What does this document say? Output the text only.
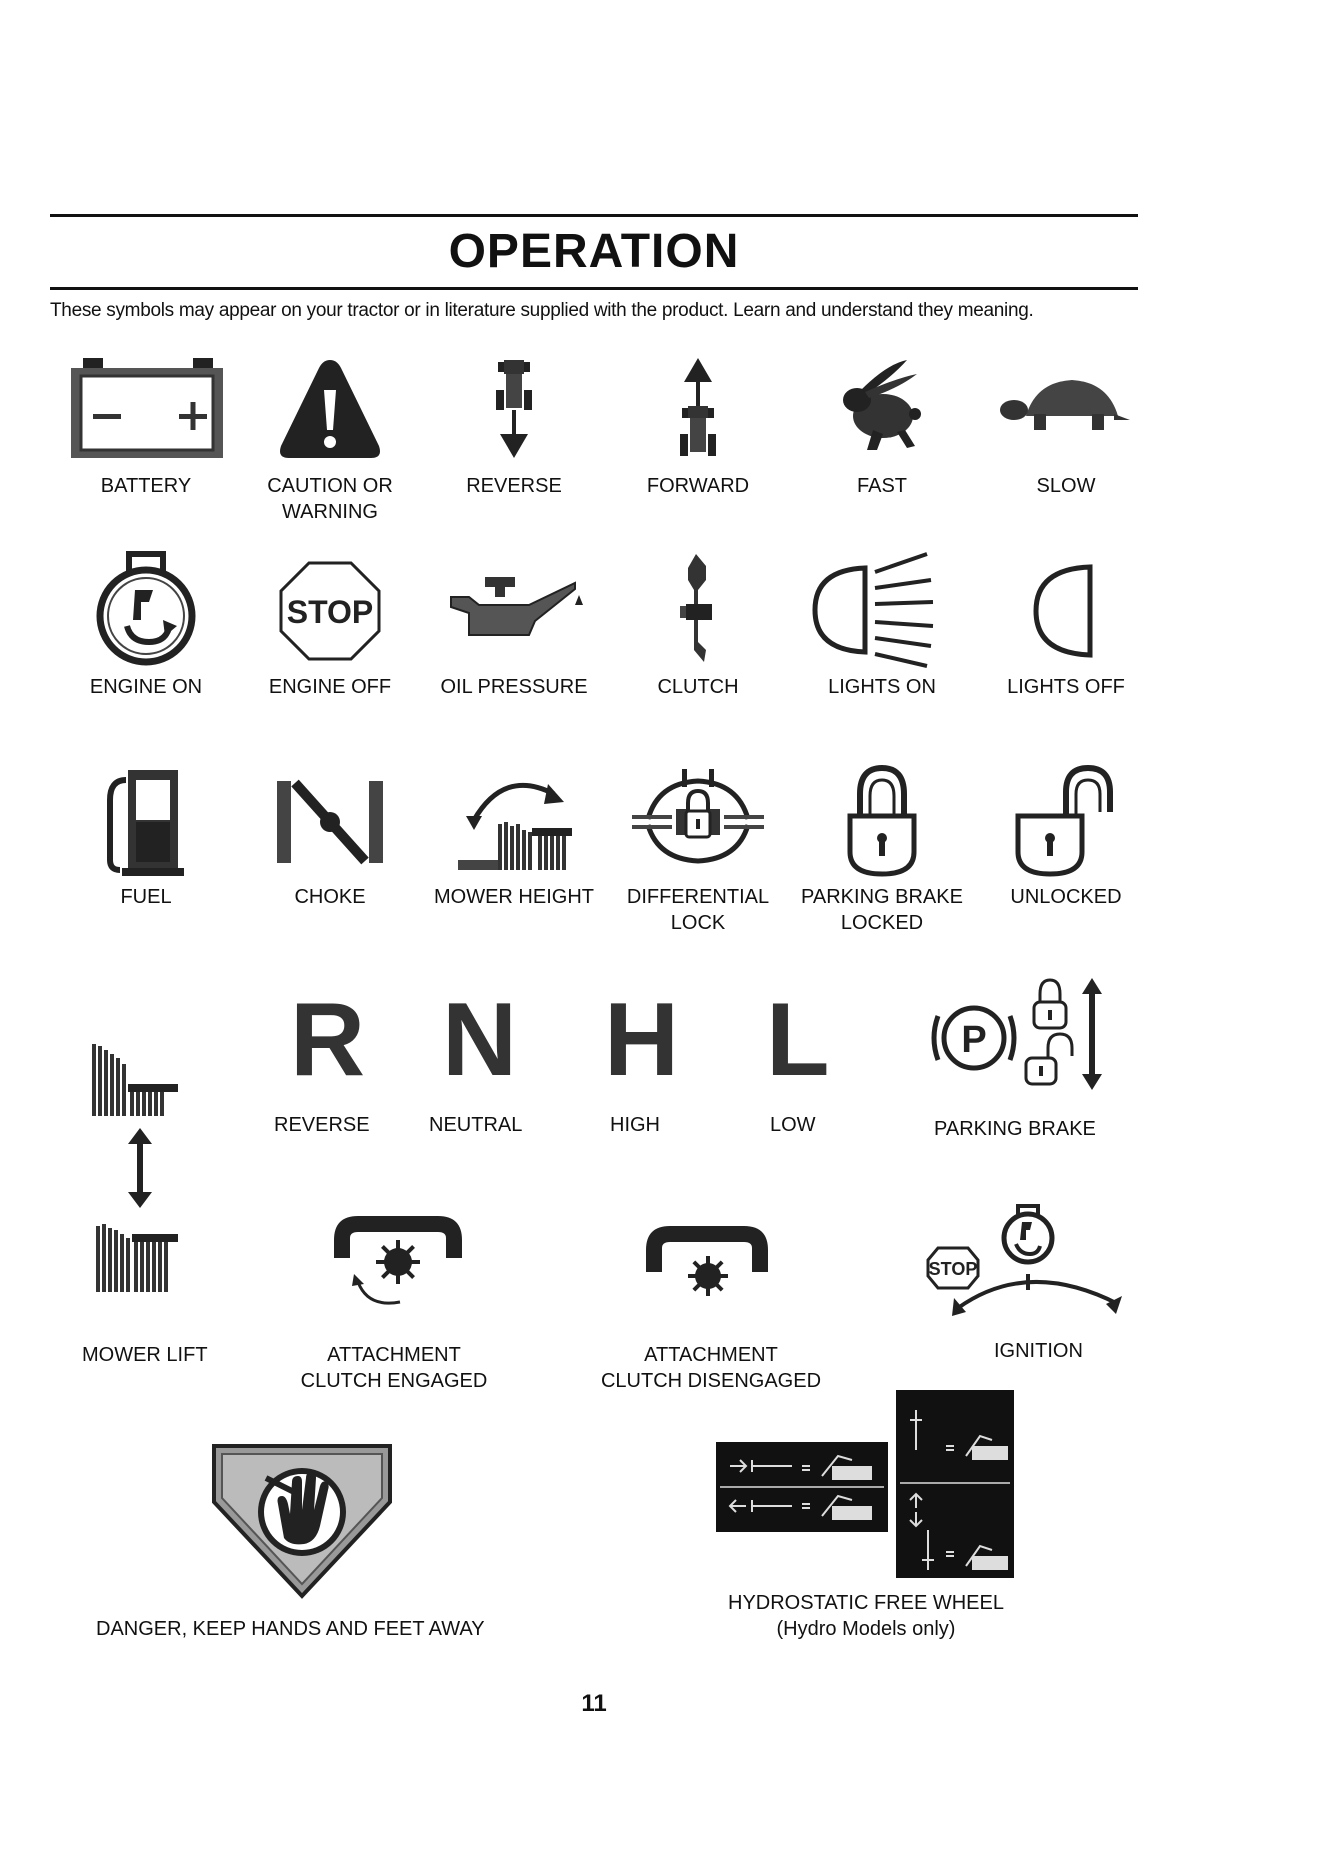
OPERATION
These symbols may appear on your tractor or in literature supplied with the product. Learn and understand they meaning.
BATTERY	CAUTION OR
WARNING
REVERSE	FORWARD	FAST	SLOW
ENGINE ON
STOP
ENGINE OFF	OIL PRESSURE	CLUTCH	LIGHTS ON	LIGHTS OFF
FUEL	CHOKE	MOWER HEIGHT	DIFFERENTIAL
LOCK
PARKING BRAKE
LOCKED
UNLOCKED
R
REVERSE
N
NEUTRAL
H
HIGH
L
LOW
P
PARKING BRAKE
MOWER LIFT	ATTACHMENT
CLUTCH ENGAGED
ATTACHMENT
CLUTCH DISENGAGED
STOP
IGNITION
DANGER, KEEP HANDS AND FEET AWAY
HYDROSTATIC FREE WHEEL
(Hydro Models only)
11
